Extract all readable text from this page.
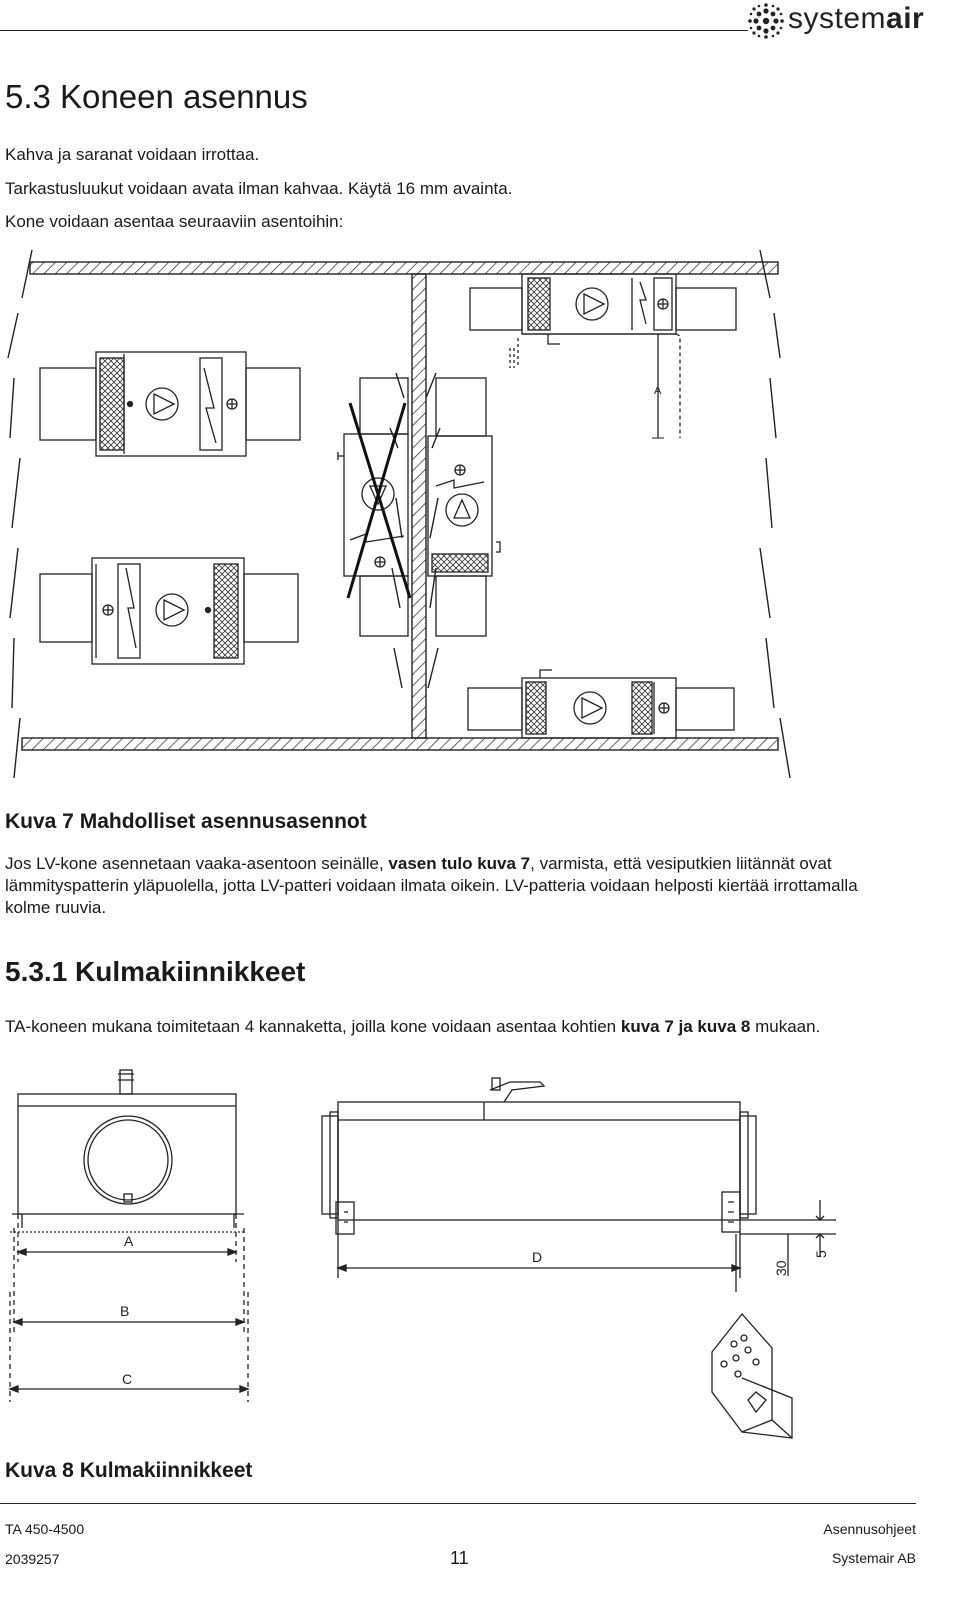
systemair
5.3 Koneen asennus
Kahva ja saranat voidaan irrottaa.
Tarkastusluukut voidaan avata ilman kahvaa. Käytä 16 mm avainta.
Kone voidaan asentaa seuraaviin asentoihin:
A
Kuva 7 Mahdolliset asennusasennot
Jos LV-kone asennetaan vaaka-asentoon seinälle, vasen tulo kuva 7, varmista, että vesiputkien liitännät ovat lämmityspatterin yläpuolella, jotta LV-patteri voidaan ilmata oikein. LV-patteria voidaan helposti kiertää irrottamalla kolme ruuvia.
5.3.1 Kulmakiinnikkeet
TA-koneen mukana toimitetaan 4 kannaketta, joilla kone voidaan asentaa kohtien kuva 7 ja kuva 8 mukaan.
A
B
C
D
30
5
Kuva 8 Kulmakiinnikkeet
TA 450-4500
2039257	11
Asennusohjeet
Systemair AB
